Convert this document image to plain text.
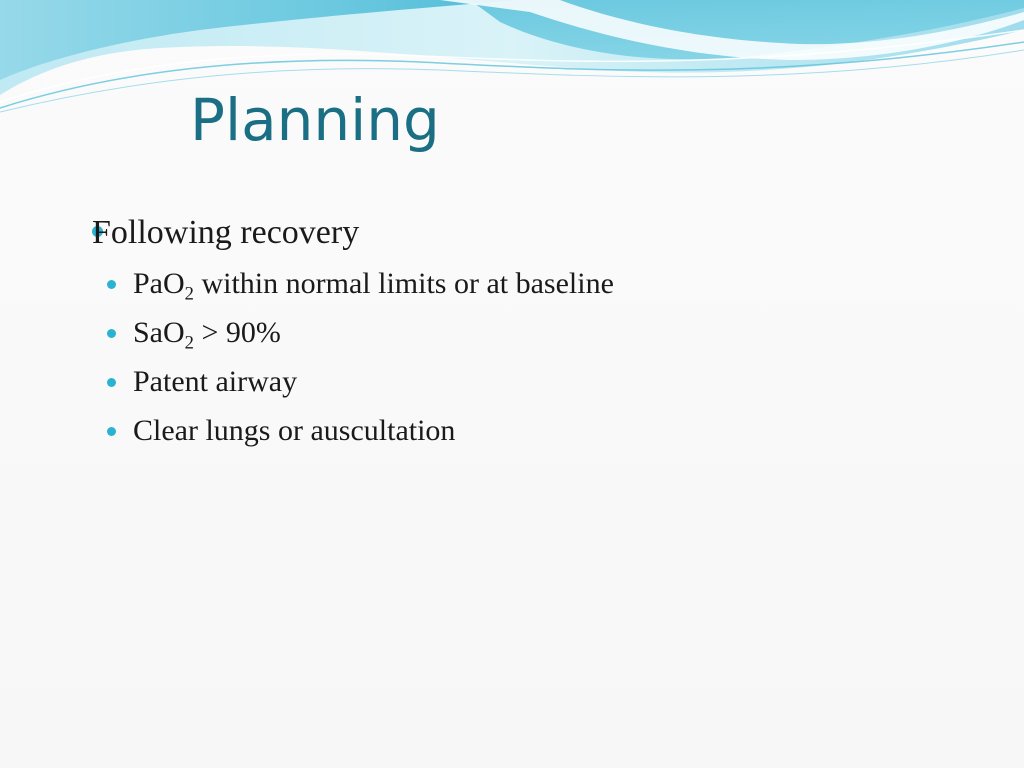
Planning
Following recovery
PaO$_2$ within normal limits or at baseline
SaO$_2$ > 90%
Patent airway
Clear lungs or auscultation
